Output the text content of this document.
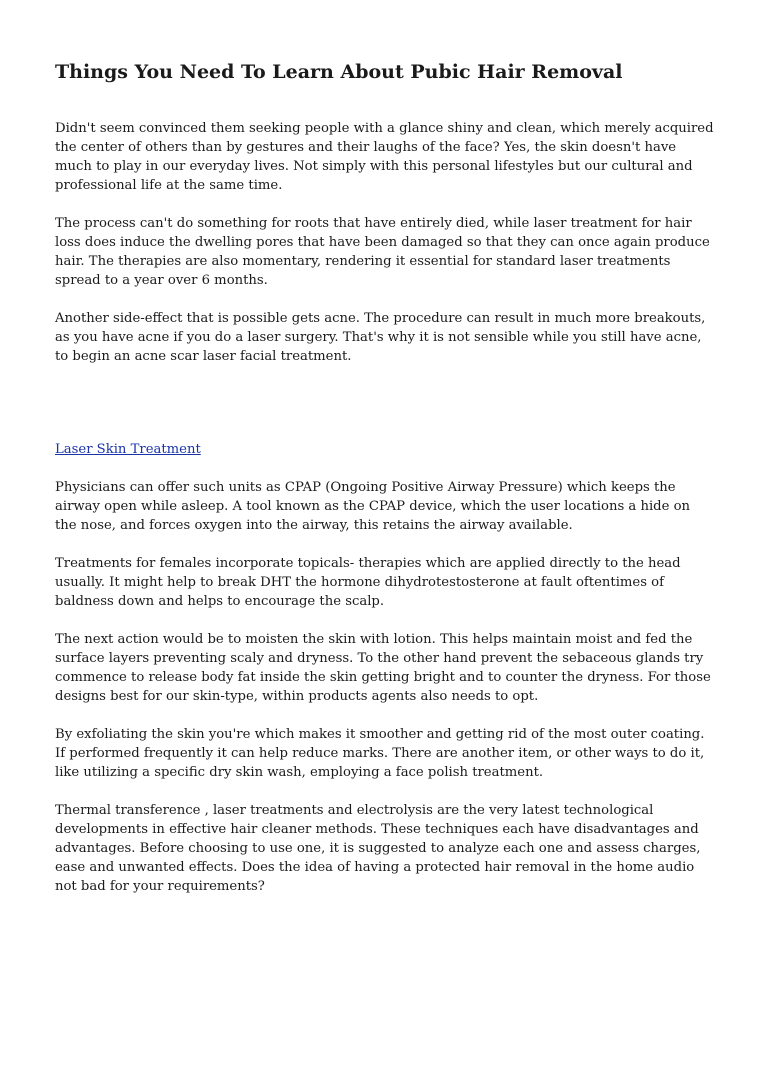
Things You Need To Learn About Pubic Hair Removal

Didn't seem convinced them seeking people with a glance shiny and clean, which merely acquired the center of others than by gestures and their laughs of the face? Yes, the skin doesn't have much to play in our everyday lives. Not simply with this personal lifestyles but our cultural and professional life at the same time.

The process can't do something for roots that have entirely died, while laser treatment for hair loss does induce the dwelling pores that have been damaged so that they can once again produce hair. The therapies are also momentary, rendering it essential for standard laser treatments spread to a year over 6 months.

Another side-effect that is possible gets acne. The procedure can result in much more breakouts, as you have acne if you do a laser surgery. That's why it is not sensible while you still have acne, to begin an acne scar laser facial treatment.

Laser Skin Treatment

Physicians can offer such units as CPAP (Ongoing Positive Airway Pressure) which keeps the airway open while asleep. A tool known as the CPAP device, which the user locations a hide on the nose, and forces oxygen into the airway, this retains the airway available.

Treatments for females incorporate topicals- therapies which are applied directly to the head usually. It might help to break DHT the hormone dihydrotestosterone at fault oftentimes of baldness down and helps to encourage the scalp.

The next action would be to moisten the skin with lotion. This helps maintain moist and fed the surface layers preventing scaly and dryness. To the other hand prevent the sebaceous glands try commence to release body fat inside the skin getting bright and to counter the dryness. For those designs best for our skin-type, within products agents also needs to opt.

By exfoliating the skin you're which makes it smoother and getting rid of the most outer coating. If performed frequently it can help reduce marks. There are another item, or other ways to do it, like utilizing a specific dry skin wash, employing a face polish treatment.

Thermal transference , laser treatments and electrolysis are the very latest technological developments in effective hair cleaner methods. These techniques each have disadvantages and advantages. Before choosing to use one, it is suggested to analyze each one and assess charges, ease and unwanted effects. Does the idea of having a protected hair removal in the home audio not bad for your requirements?
